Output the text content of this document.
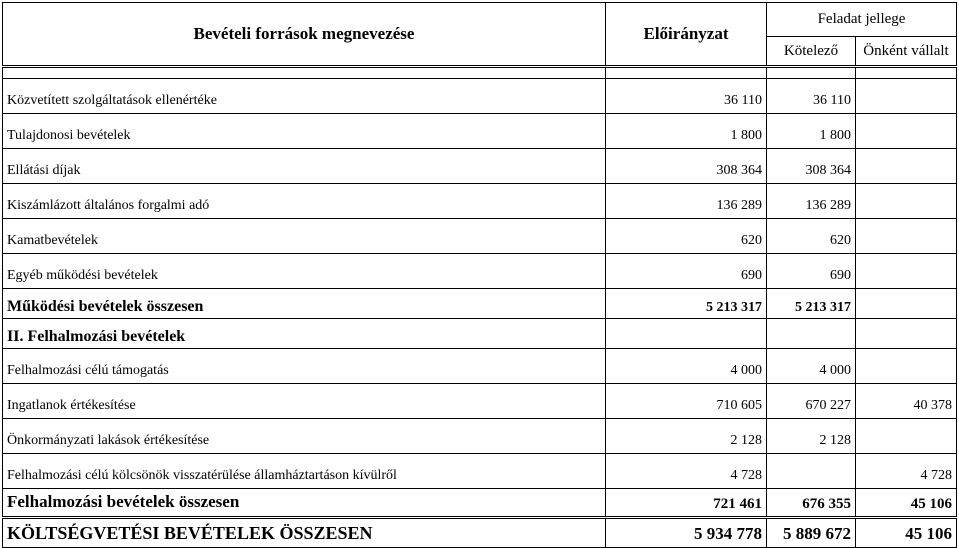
Bevételi források megnevezése	Előirányzat	Feladat jellege	
		Kötelező	Önként vállalt

Közvetített szolgáltatások ellenértéke	36 110	36 110	
Tulajdonosi bevételek	1 800	1 800	
Ellátási díjak	308 364	308 364	
Kiszámlázott általános forgalmi adó	136 289	136 289	
Kamatbevételek	620	620	
Egyéb működési bevételek	690	690	
Működési bevételek összesen	5 213 317	5 213 317	
II. Felhalmozási bevételek			
Felhalmozási célú támogatás	4 000	4 000	
Ingatlanok értékesítése	710 605	670 227	40 378
Önkormányzati lakások értékesítése	2 128	2 128	
Felhalmozási célú kölcsönök visszatérülése államháztartáson kívülről	4 728		4 728
Felhalmozási bevételek összesen	721 461	676 355	45 106
KÖLTSÉGVETÉSI BEVÉTELEK ÖSSZESEN	5 934 778	5 889 672	45 106
